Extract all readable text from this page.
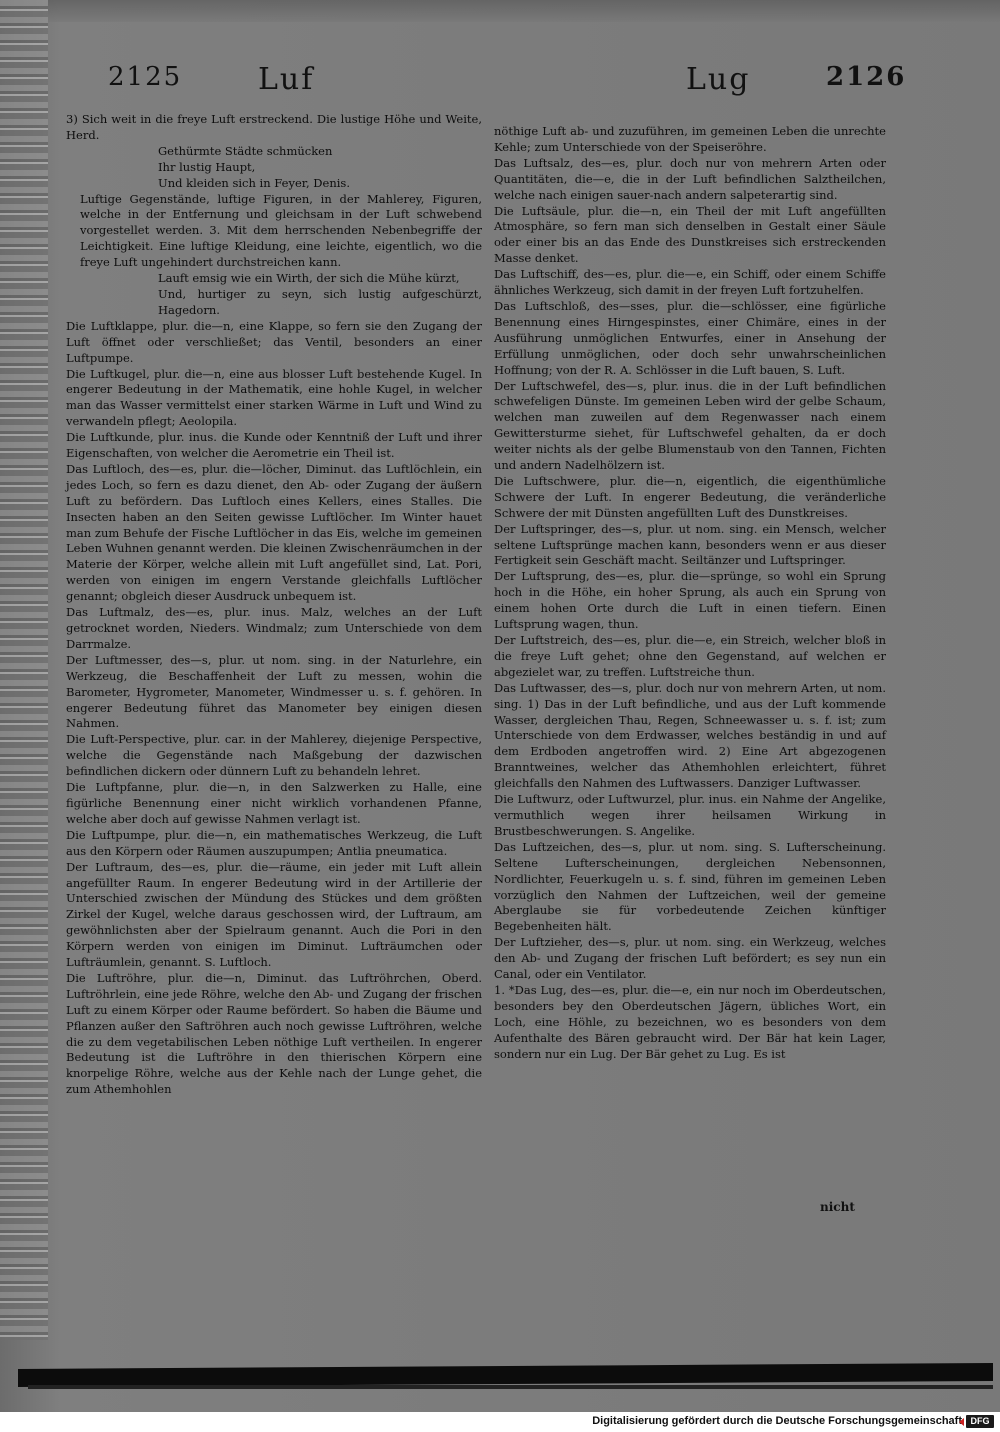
2125	Luf	Lug	2126

3) Sich weit in die freye Luft erstreckend. Die lustige Höhe und Weite, Herd.

Gethürmte Städte schmücken

Ihr lustig Haupt,

Und kleiden sich in Feyer, Denis.

Luftige Gegenstände, luftige Figuren, in der Mahlerey, Figuren, welche in der Entfernung und gleichsam in der Luft schwebend vorgestellet werden. 3. Mit dem herrschenden Nebenbegriffe der Leichtigkeit. Eine luftige Kleidung, eine leichte, eigentlich, wo die freye Luft ungehindert durchstreichen kann.

Lauft emsig wie ein Wirth, der sich die Mühe kürzt,

Und, hurtiger zu seyn, sich lustig aufgeschürzt, Hagedorn.

Die Luftklappe, plur. die—n, eine Klappe, so fern sie den Zugang der Luft öffnet oder verschließet; das Ventil, besonders an einer Luftpumpe.

Die Luftkugel, plur. die—n, eine aus blosser Luft bestehende Kugel. In engerer Bedeutung in der Mathematik, eine hohle Kugel, in welcher man das Wasser vermittelst einer starken Wärme in Luft und Wind zu verwandeln pflegt; Aeolopila.

Die Luftkunde, plur. inus. die Kunde oder Kenntniß der Luft und ihrer Eigenschaften, von welcher die Aerometrie ein Theil ist.

Das Luftloch, des—es, plur. die—löcher, Diminut. das Luftlöchlein, ein jedes Loch, so fern es dazu dienet, den Ab- oder Zugang der äußern Luft zu befördern. Das Luftloch eines Kellers, eines Stalles. Die Insecten haben an den Seiten gewisse Luftlöcher. Im Winter hauet man zum Behufe der Fische Luftlöcher in das Eis, welche im gemeinen Leben Wuhnen genannt werden. Die kleinen Zwischenräumchen in der Materie der Körper, welche allein mit Luft angefüllet sind, Lat. Pori, werden von einigen im engern Verstande gleichfalls Luftlöcher genannt; obgleich dieser Ausdruck unbequem ist.

Das Luftmalz, des—es, plur. inus. Malz, welches an der Luft getrocknet worden, Nieders. Windmalz; zum Unterschiede von dem Darrmalze.

Der Luftmesser, des—s, plur. ut nom. sing. in der Naturlehre, ein Werkzeug, die Beschaffenheit der Luft zu messen, wohin die Barometer, Hygrometer, Manometer, Windmesser u. s. f. gehören. In engerer Bedeutung führet das Manometer bey einigen diesen Nahmen.

Die Luft-Perspective, plur. car. in der Mahlerey, diejenige Perspective, welche die Gegenstände nach Maßgebung der dazwischen befindlichen dickern oder dünnern Luft zu behandeln lehret.

Die Luftpfanne, plur. die—n, in den Salzwerken zu Halle, eine figürliche Benennung einer nicht wirklich vorhandenen Pfanne, welche aber doch auf gewisse Nahmen verlagt ist.

Die Luftpumpe, plur. die—n, ein mathematisches Werkzeug, die Luft aus den Körpern oder Räumen auszupumpen; Antlia pneumatica.

Der Luftraum, des—es, plur. die—räume, ein jeder mit Luft allein angefüllter Raum. In engerer Bedeutung wird in der Artillerie der Unterschied zwischen der Mündung des Stückes und dem größten Zirkel der Kugel, welche daraus geschossen wird, der Luftraum, am gewöhnlichsten aber der Spielraum genannt. Auch die Pori in den Körpern werden von einigen im Diminut. Lufträumchen oder Lufträumlein, genannt. S. Luftloch.

Die Luftröhre, plur. die—n, Diminut. das Luftröhrchen, Oberd. Luftröhrlein, eine jede Röhre, welche den Ab- und Zugang der frischen Luft zu einem Körper oder Raume befördert. So haben die Bäume und Pflanzen außer den Saftröhren auch noch gewisse Luftröhren, welche die zu dem vegetabilischen Leben nöthige Luft vertheilen. In engerer Bedeutung ist die Luftröhre in den thierischen Körpern eine knorpelige Röhre, welche aus der Kehle nach der Lunge gehet, die zum Athemhohlen

nöthige Luft ab- und zuzuführen, im gemeinen Leben die unrechte Kehle; zum Unterschiede von der Speiseröhre.

Das Luftsalz, des—es, plur. doch nur von mehrern Arten oder Quantitäten, die—e, die in der Luft befindlichen Salztheilchen, welche nach einigen sauer-nach andern salpeterartig sind.

Die Luftsäule, plur. die—n, ein Theil der mit Luft angefüllten Atmosphäre, so fern man sich denselben in Gestalt einer Säule oder einer bis an das Ende des Dunstkreises sich erstreckenden Masse denket.

Das Luftschiff, des—es, plur. die—e, ein Schiff, oder einem Schiffe ähnliches Werkzeug, sich damit in der freyen Luft fortzuhelfen.

Das Luftschloß, des—sses, plur. die—schlösser, eine figürliche Benennung eines Hirngespinstes, einer Chimäre, eines in der Ausführung unmöglichen Entwurfes, einer in Ansehung der Erfüllung unmöglichen, oder doch sehr unwahrscheinlichen Hoffnung; von der R. A. Schlösser in die Luft bauen, S. Luft.

Der Luftschwefel, des—s, plur. inus. die in der Luft befindlichen schwefeligen Dünste. Im gemeinen Leben wird der gelbe Schaum, welchen man zuweilen auf dem Regenwasser nach einem Gewittersturme siehet, für Luftschwefel gehalten, da er doch weiter nichts als der gelbe Blumenstaub von den Tannen, Fichten und andern Nadelhölzern ist.

Die Luftschwere, plur. die—n, eigentlich, die eigenthümliche Schwere der Luft. In engerer Bedeutung, die veränderliche Schwere der mit Dünsten angefüllten Luft des Dunstkreises.

Der Luftspringer, des—s, plur. ut nom. sing. ein Mensch, welcher seltene Luftsprünge machen kann, besonders wenn er aus dieser Fertigkeit sein Geschäft macht. Seiltänzer und Luftspringer.

Der Luftsprung, des—es, plur. die—sprünge, so wohl ein Sprung hoch in die Höhe, ein hoher Sprung, als auch ein Sprung von einem hohen Orte durch die Luft in einen tiefern. Einen Luftsprung wagen, thun.

Der Luftstreich, des—es, plur. die—e, ein Streich, welcher bloß in die freye Luft gehet; ohne den Gegenstand, auf welchen er abgezielet war, zu treffen. Luftstreiche thun.

Das Luftwasser, des—s, plur. doch nur von mehrern Arten, ut nom. sing. 1) Das in der Luft befindliche, und aus der Luft kommende Wasser, dergleichen Thau, Regen, Schneewasser u. s. f. ist; zum Unterschiede von dem Erdwasser, welches beständig in und auf dem Erdboden angetroffen wird. 2) Eine Art abgezogenen Branntweines, welcher das Athemhohlen erleichtert, führet gleichfalls den Nahmen des Luftwassers. Danziger Luftwasser.

Die Luftwurz, oder Luftwurzel, plur. inus. ein Nahme der Angelike, vermuthlich wegen ihrer heilsamen Wirkung in Brustbeschwerungen. S. Angelike.

Das Luftzeichen, des—s, plur. ut nom. sing. S. Lufterscheinung. Seltene Lufterscheinungen, dergleichen Nebensonnen, Nordlichter, Feuerkugeln u. s. f. sind, führen im gemeinen Leben vorzüglich den Nahmen der Luftzeichen, weil der gemeine Aberglaube sie für vorbedeutende Zeichen künftiger Begebenheiten hält.

Der Luftzieher, des—s, plur. ut nom. sing. ein Werkzeug, welches den Ab- und Zugang der frischen Luft befördert; es sey nun ein Canal, oder ein Ventilator.

1. *Das Lug, des—es, plur. die—e, ein nur noch im Oberdeutschen, besonders bey den Oberdeutschen Jägern, übliches Wort, ein Loch, eine Höhle, zu bezeichnen, wo es besonders von dem Aufenthalte des Bären gebraucht wird. Der Bär hat kein Lager, sondern nur ein Lug. Der Bär gehet zu Lug. Es ist

nicht
Digitalisierung gefördert durch die Deutsche Forschungsgemeinschaft DFG
